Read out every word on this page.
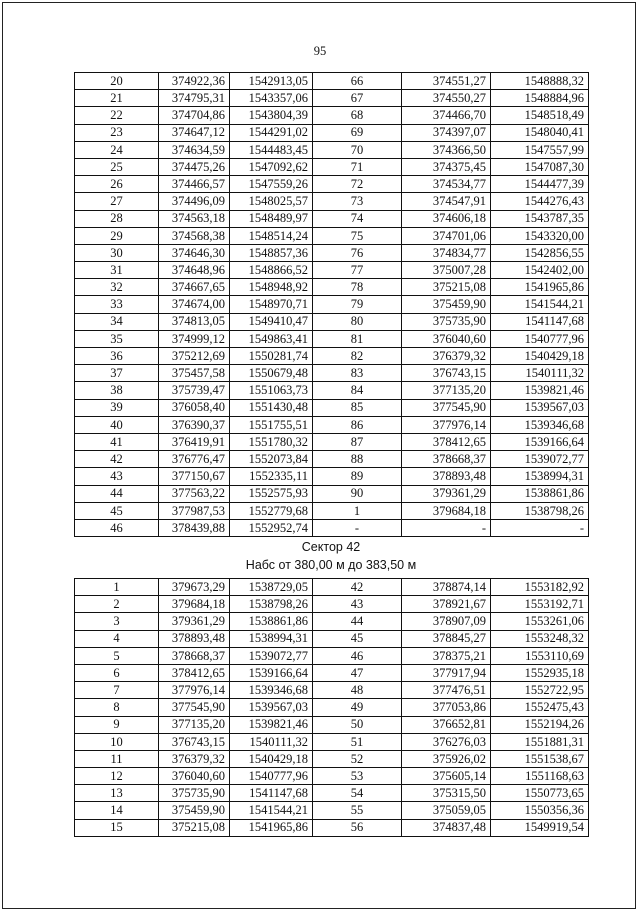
95
20	374922,36	1542913,05	66	374551,27	1548888,32
21	374795,31	1543357,06	67	374550,27	1548884,96
22	374704,86	1543804,39	68	374466,70	1548518,49
23	374647,12	1544291,02	69	374397,07	1548040,41
24	374634,59	1544483,45	70	374366,50	1547557,99
25	374475,26	1547092,62	71	374375,45	1547087,30
26	374466,57	1547559,26	72	374534,77	1544477,39
27	374496,09	1548025,57	73	374547,91	1544276,43
28	374563,18	1548489,97	74	374606,18	1543787,35
29	374568,38	1548514,24	75	374701,06	1543320,00
30	374646,30	1548857,36	76	374834,77	1542856,55
31	374648,96	1548866,52	77	375007,28	1542402,00
32	374667,65	1548948,92	78	375215,08	1541965,86
33	374674,00	1548970,71	79	375459,90	1541544,21
34	374813,05	1549410,47	80	375735,90	1541147,68
35	374999,12	1549863,41	81	376040,60	1540777,96
36	375212,69	1550281,74	82	376379,32	1540429,18
37	375457,58	1550679,48	83	376743,15	1540111,32
38	375739,47	1551063,73	84	377135,20	1539821,46
39	376058,40	1551430,48	85	377545,90	1539567,03
40	376390,37	1551755,51	86	377976,14	1539346,68
41	376419,91	1551780,32	87	378412,65	1539166,64
42	376776,47	1552073,84	88	378668,37	1539072,77
43	377150,67	1552335,11	89	378893,48	1538994,31
44	377563,22	1552575,93	90	379361,29	1538861,86
45	377987,53	1552779,68	1	379684,18	1538798,26
46	378439,88	1552952,74	-	-	-
Сектор 42
Набс от 380,00 м до 383,50 м
1	379673,29	1538729,05	42	378874,14	1553182,92
2	379684,18	1538798,26	43	378921,67	1553192,71
3	379361,29	1538861,86	44	378907,09	1553261,06
4	378893,48	1538994,31	45	378845,27	1553248,32
5	378668,37	1539072,77	46	378375,21	1553110,69
6	378412,65	1539166,64	47	377917,94	1552935,18
7	377976,14	1539346,68	48	377476,51	1552722,95
8	377545,90	1539567,03	49	377053,86	1552475,43
9	377135,20	1539821,46	50	376652,81	1552194,26
10	376743,15	1540111,32	51	376276,03	1551881,31
11	376379,32	1540429,18	52	375926,02	1551538,67
12	376040,60	1540777,96	53	375605,14	1551168,63
13	375735,90	1541147,68	54	375315,50	1550773,65
14	375459,90	1541544,21	55	375059,05	1550356,36
15	375215,08	1541965,86	56	374837,48	1549919,54
